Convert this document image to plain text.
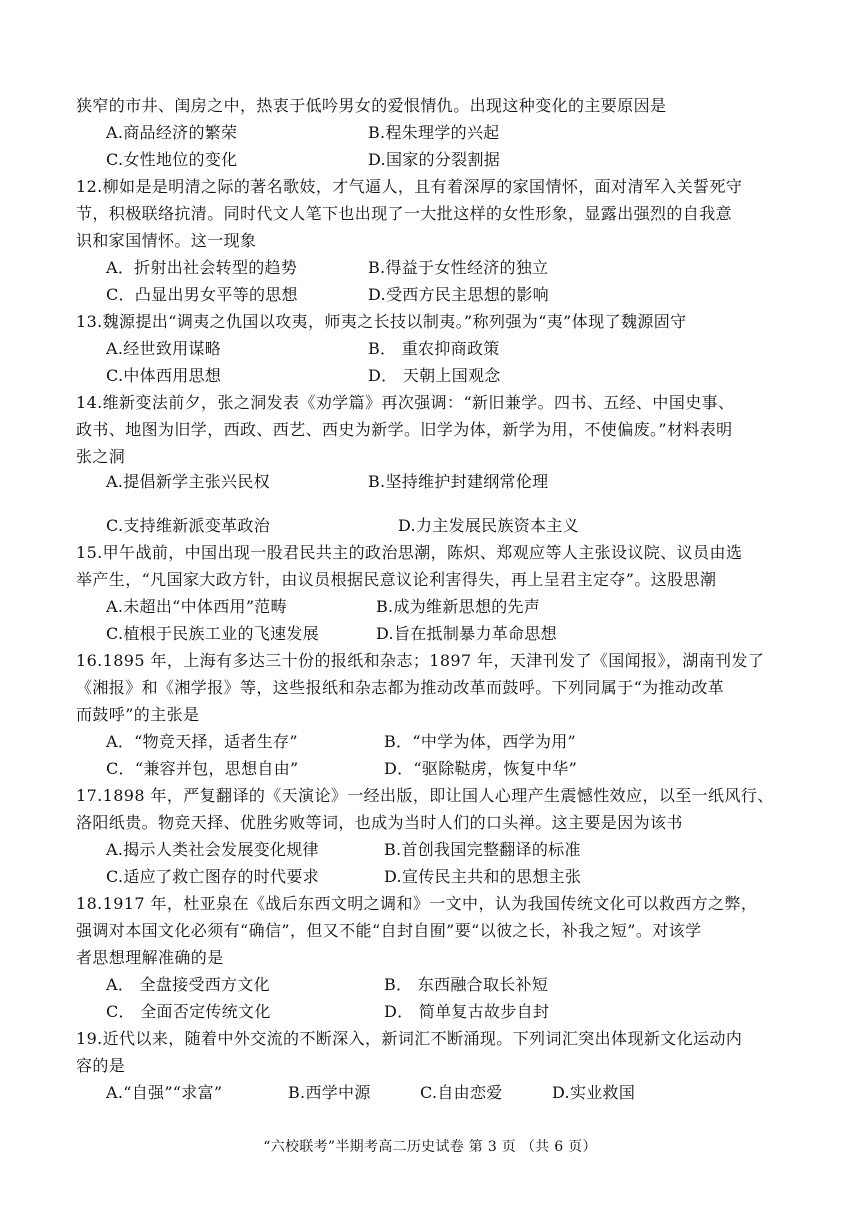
狭窄的市井、闺房之中，热衷于低吟男女的爱恨情仇。出现这种变化的主要原因是
A.商品经济的繁荣	B.程朱理学的兴起
C.女性地位的变化	D.国家的分裂割据
12.柳如是是明清之际的著名歌妓，才气逼人，且有着深厚的家国情怀，面对清军入关誓死守
节，积极联络抗清。同时代文人笔下也出现了一大批这样的女性形象，显露出强烈的自我意
识和家国情怀。这一现象
A．折射出社会转型的趋势	B.得益于女性经济的独立
C．凸显出男女平等的思想	D.受西方民主思想的影响
13.魏源提出“调夷之仇国以攻夷，师夷之长技以制夷。”称列强为“夷”体现了魏源固守
A.经世致用谋略	B． 重农抑商政策
C.中体西用思想	D． 天朝上国观念
14.维新变法前夕，张之洞发表《劝学篇》再次强调：“新旧兼学。四书、五经、中国史事、
政书、地图为旧学，西政、西艺、西史为新学。旧学为体，新学为用，不使偏废。”材料表明
张之洞
A.提倡新学主张兴民权	B.坚持维护封建纲常伦理
C.支持维新派变革政治	D.力主发展民族资本主义
15.甲午战前，中国出现一股君民共主的政治思潮，陈炽、郑观应等人主张设议院、议员由选
举产生，“凡国家大政方针，由议员根据民意议论利害得失，再上呈君主定夺”。这股思潮
A.未超出“中体西用”范畴	B.成为维新思想的先声
C.植根于民族工业的飞速发展	D.旨在抵制暴力革命思想
16.1895 年，上海有多达三十份的报纸和杂志；1897 年，天津刊发了《国闻报》，湖南刊发了
《湘报》和《湘学报》等，这些报纸和杂志都为推动改革而鼓呼。下列同属于“为推动改革
而鼓呼”的主张是
A．“物竞天择，适者生存”	B．“中学为体，西学为用”
C．“兼容并包，思想自由”	D．“驱除鞑虏，恢复中华”
17.1898 年，严复翻译的《天演论》一经出版，即让国人心理产生震憾性效应，以至一纸风行、
洛阳纸贵。物竞天择、优胜劣败等词，也成为当时人们的口头禅。这主要是因为该书
A.揭示人类社会发展变化规律	B.首创我国完整翻译的标准
C.适应了救亡图存的时代要求	D.宣传民主共和的思想主张
18.1917 年，杜亚泉在《战后东西文明之调和》一文中，认为我国传统文化可以救西方之弊，
强调对本国文化必须有“确信”，但又不能“自封自囿”要“以彼之长，补我之短”。对该学
者思想理解准确的是
A． 全盘接受西方文化	B． 东西融合取长补短
C． 全面否定传统文化	D． 简单复古故步自封
19.近代以来，随着中外交流的不断深入，新词汇不断涌现。下列词汇突出体现新文化运动内
容的是
A.“自强”“求富”	B.西学中源	C.自由恋爱	D.实业救国
“六校联考”半期考高二历史试卷 第 3 页 （共 6 页）
